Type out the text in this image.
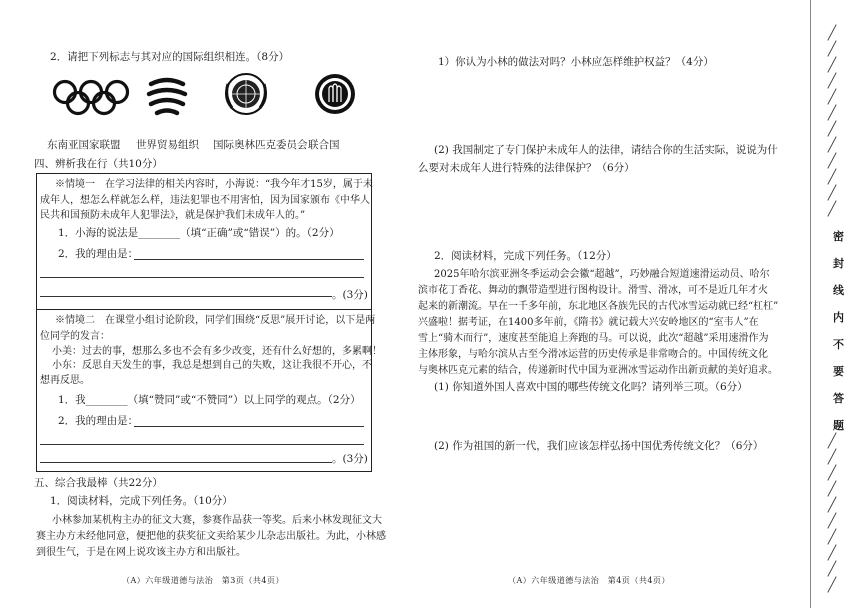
2．请把下列标志与其对应的国际组织相连。（8分）
东南亚国家联盟 世界贸易组织 国际奥林匹克委员会 联合国
四、辨析我在行（共10分）
※情境一　在学习法律的相关内容时，小海说：“我今年才15岁，属于未
成年人，想怎么样就怎么样，违法犯罪也不用害怕，因为国家颁布《中华人
民共和国预防未成年人犯罪法》，就是保护我们未成年人的。”
1．小海的说法是________（填“正确”或“错误”）的。（2分）
2．我的理由是：
。(3分)
※情境二　在课堂小组讨论阶段，同学们围绕“反思”展开讨论，以下是两
位同学的发言：
小美：过去的事，想那么多也不会有多少改变，还有什么好想的，多累啊！
小东：反思自天发生的事，我总是想到自己的失败，这让我很不开心，不
想再反思。
1．我________（填“赞同”或“不赞同”）以上同学的观点。（2分）
2．我的理由是：
。(3分)
五、综合我最棒（共22分）
1．阅读材料，完成下列任务。（10分）
小林参加某机构主办的征文大赛，参赛作品获一等奖。后来小林发现征文大
赛主办方未经他同意，便把他的获奖征文卖给某少儿杂志出版社。为此，小林感
到很生气，于是在网上说攻该主办方和出版社。
（A）六年级道德与法治　第3页（共4页）
1）你认为小林的做法对吗？小林应怎样维护权益？（4分）
(2) 我国制定了专门保护未成年人的法律，请结合你的生活实际，说说为什
么要对未成年人进行特殊的法律保护？（6分）
2．阅读材料，完成下列任务。（12分）
2025年哈尔滨亚洲冬季运动会会徽“超越”，巧妙融合短道速滑运动员、哈尔
滨市花丁香花、舞动的飘带造型进行图构设计。滑雪、滑冰，可不是近几年才火
起来的新潮流。早在一千多年前，东北地区各族先民的古代冰雪运动就已经“杠杠”
兴盛啦！据考证，在1400多年前，《隋书》就记载大兴安岭地区的“室韦人”在
雪上“骑木而行”，速度甚至能追上奔跑的马。可以说，此次“超越”采用速滑作为
主体形象，与哈尔滨从古至今滑冰运营的历史传承是非常吻合的。中国传统文化
与奥林匹克元素的结合，传递新时代中国为亚洲冰雪运动作出新贡献的美好追求。
(1) 你知道外国人喜欢中国的哪些传统文化吗？请列举三项。（6分）
(2) 作为祖国的新一代，我们应该怎样弘扬中国优秀传统文化？（6分）
（A）六年级道德与法治　第4页（共4页）
密
封
线
内
不
要
答
题
